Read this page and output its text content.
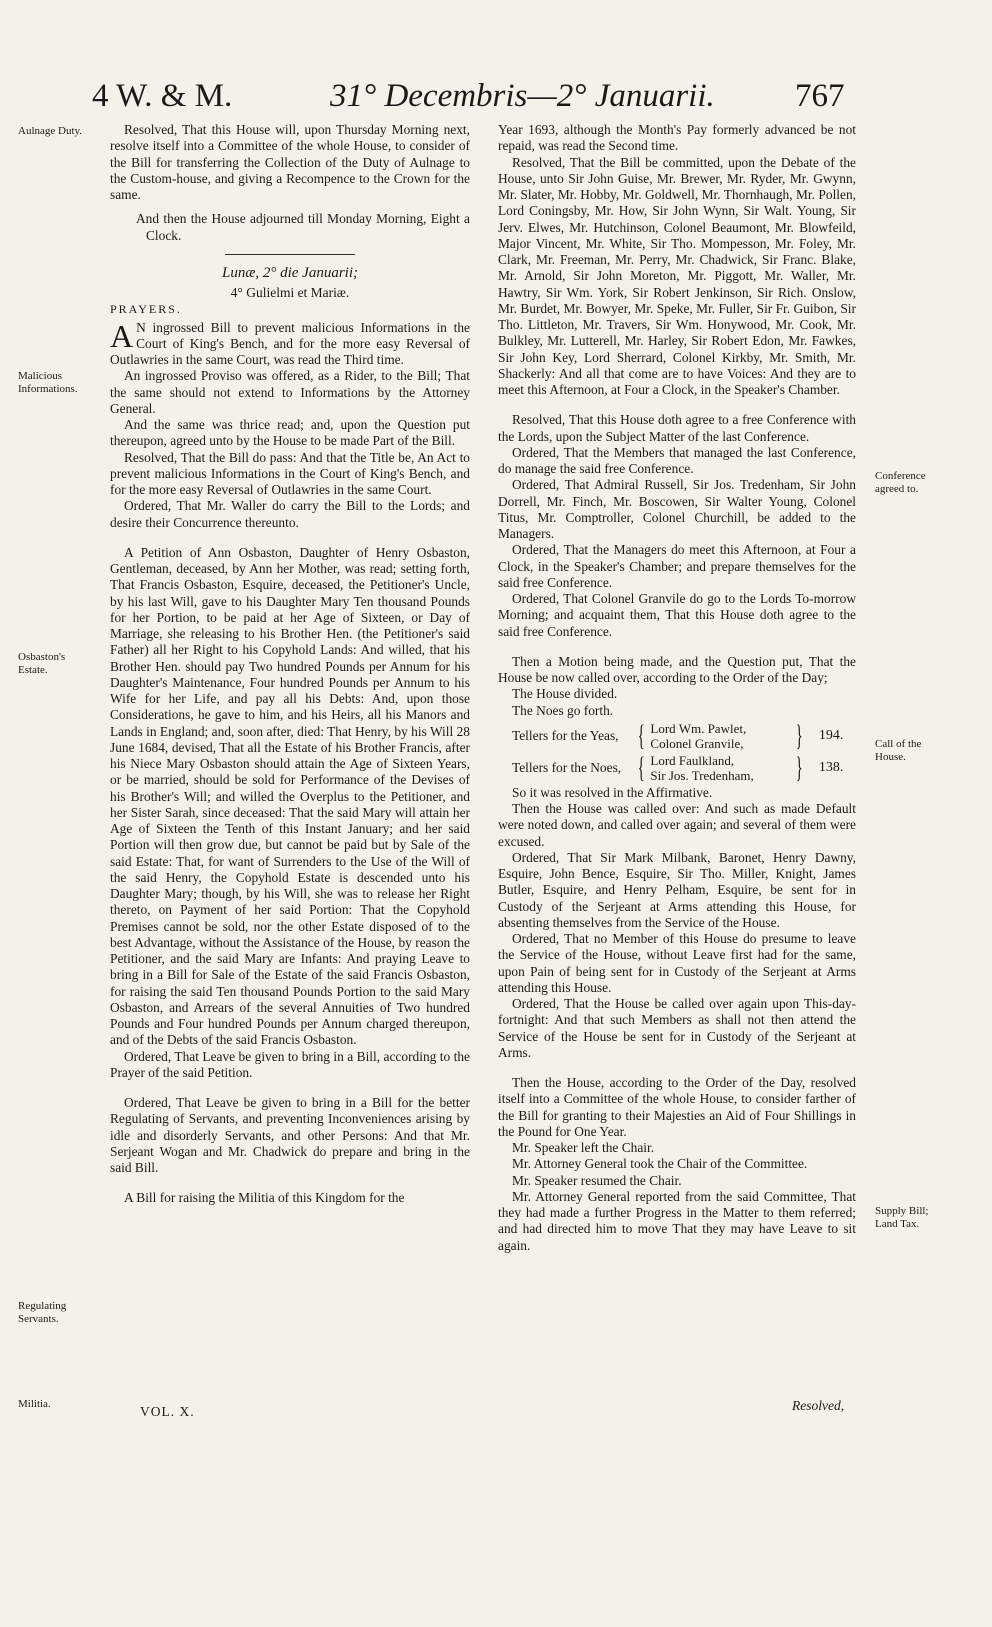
4 W. & M.	31° Decembris—2° Januarii. 767
Aulnage Duty.
Malicious Informations.
Osbaston's Estate.
Regulating Servants.
Militia.
Conference agreed to.
Call of the House.
Supply Bill; Land Tax.

Resolved, That this House will, upon Thursday Morning next, resolve itself into a Committee of the whole House, to consider of the Bill for transferring the Collection of the Duty of Aulnage to the Custom-house, and giving a Recompence to the Crown for the same.

And then the House adjourned till Monday Morning, Eight a Clock.

Lunæ, 2° die Januarii;
4° Gulielmi et Mariæ.

PRAYERS.

A N ingrossed Bill to prevent malicious Informations in the Court of King's Bench, and for the more easy Reversal of Outlawries in the same Court, was read the Third time.

An ingrossed Proviso was offered, as a Rider, to the Bill; That the same should not extend to Informations by the Attorney General.

And the same was thrice read; and, upon the Question put thereupon, agreed unto by the House to be made Part of the Bill.

Resolved, That the Bill do pass: And that the Title be, An Act to prevent malicious Informations in the Court of King's Bench, and for the more easy Reversal of Outlawries in the same Court.

Ordered, That Mr. Waller do carry the Bill to the Lords; and desire their Concurrence thereunto.

A Petition of Ann Osbaston, Daughter of Henry Osbaston, Gentleman, deceased, by Ann her Mother, was read; setting forth, That Francis Osbaston, Esquire, deceased, the Petitioner's Uncle, by his last Will, gave to his Daughter Mary Ten thousand Pounds for her Portion, to be paid at her Age of Sixteen, or Day of Marriage, she releasing to his Brother Hen. (the Petitioner's said Father) all her Right to his Copyhold Lands: And willed, that his Brother Hen. should pay Two hundred Pounds per Annum for his Daughter's Maintenance, Four hundred Pounds per Annum to his Wife for her Life, and pay all his Debts: And, upon those Considerations, he gave to him, and his Heirs, all his Manors and Lands in England; and, soon after, died: That Henry, by his Will 28 June 1684, devised, That all the Estate of his Brother Francis, after his Niece Mary Osbaston should attain the Age of Sixteen Years, or be married, should be sold for Performance of the Devises of his Brother's Will; and willed the Overplus to the Petitioner, and her Sister Sarah, since deceased: That the said Mary will attain her Age of Sixteen the Tenth of this Instant January; and her said Portion will then grow due, but cannot be paid but by Sale of the said Estate: That, for want of Surrenders to the Use of the Will of the said Henry, the Copyhold Estate is descended unto his Daughter Mary; though, by his Will, she was to release her Right thereto, on Payment of her said Portion: That the Copyhold Premises cannot be sold, nor the other Estate disposed of to the best Advantage, without the Assistance of the House, by reason the Petitioner, and the said Mary are Infants: And praying Leave to bring in a Bill for Sale of the Estate of the said Francis Osbaston, for raising the said Ten thousand Pounds Portion to the said Mary Osbaston, and Arrears of the several Annuities of Two hundred Pounds and Four hundred Pounds per Annum charged thereupon, and of the Debts of the said Francis Osbaston.

Ordered, That Leave be given to bring in a Bill, according to the Prayer of the said Petition.

Ordered, That Leave be given to bring in a Bill for the better Regulating of Servants, and preventing Inconveniences arising by idle and disorderly Servants, and other Persons: And that Mr. Serjeant Wogan and Mr. Chadwick do prepare and bring in the said Bill.

A Bill for raising the Militia of this Kingdom for the

Year 1693, although the Month's Pay formerly advanced be not repaid, was read the Second time.

Resolved, That the Bill be committed, upon the Debate of the House, unto Sir John Guise, Mr. Brewer, Mr. Ryder, Mr. Gwynn, Mr. Slater, Mr. Hobby, Mr. Goldwell, Mr. Thornhaugh, Mr. Pollen, Lord Coningsby, Mr. How, Sir John Wynn, Sir Walt. Young, Sir Jerv. Elwes, Mr. Hutchinson, Colonel Beaumont, Mr. Blowfeild, Major Vincent, Mr. White, Sir Tho. Mompesson, Mr. Foley, Mr. Clark, Mr. Freeman, Mr. Perry, Mr. Chadwick, Sir Franc. Blake, Mr. Arnold, Sir John Moreton, Mr. Piggott, Mr. Waller, Mr. Hawtry, Sir Wm. York, Sir Robert Jenkinson, Sir Rich. Onslow, Mr. Burdet, Mr. Bowyer, Mr. Speke, Mr. Fuller, Sir Fr. Guibon, Sir Tho. Littleton, Mr. Travers, Sir Wm. Honywood, Mr. Cook, Mr. Bulkley, Mr. Lutterell, Mr. Harley, Sir Robert Edon, Mr. Fawkes, Sir John Key, Lord Sherrard, Colonel Kirkby, Mr. Smith, Mr. Shackerly: And all that come are to have Voices: And they are to meet this Afternoon, at Four a Clock, in the Speaker's Chamber.

Resolved, That this House doth agree to a free Conference with the Lords, upon the Subject Matter of the last Conference.

Ordered, That the Members that managed the last Conference, do manage the said free Conference.

Ordered, That Admiral Russell, Sir Jos. Tredenham, Sir John Dorrell, Mr. Finch, Mr. Boscowen, Sir Walter Young, Colonel Titus, Mr. Comptroller, Colonel Churchill, be added to the Managers.

Ordered, That the Managers do meet this Afternoon, at Four a Clock, in the Speaker's Chamber; and prepare themselves for the said free Conference.

Ordered, That Colonel Granvile do go to the Lords To-morrow Morning; and acquaint them, That this House doth agree to the said free Conference.

Then a Motion being made, and the Question put, That the House be now called over, according to the Order of the Day;

The House divided.

The Noes go forth.

Tellers for the Yeas, { Lord Wm. Pawlet,
Colonel Granvile,	} 194.
Tellers for the Noes, { Lord Faulkland,
Sir Jos. Tredenham,	} 138.

So it was resolved in the Affirmative.

Then the House was called over: And such as made Default were noted down, and called over again; and several of them were excused.

Ordered, That Sir Mark Milbank, Baronet, Henry Dawny, Esquire, John Bence, Esquire, Sir Tho. Miller, Knight, James Butler, Esquire, and Henry Pelham, Esquire, be sent for in Custody of the Serjeant at Arms attending this House, for absenting themselves from the Service of the House.

Ordered, That no Member of this House do presume to leave the Service of the House, without Leave first had for the same, upon Pain of being sent for in Custody of the Serjeant at Arms attending this House.

Ordered, That the House be called over again upon This-day-fortnight: And that such Members as shall not then attend the Service of the House be sent for in Custody of the Serjeant at Arms.

Then the House, according to the Order of the Day, resolved itself into a Committee of the whole House, to consider farther of the Bill for granting to their Majesties an Aid of Four Shillings in the Pound for One Year.

Mr. Speaker left the Chair.

Mr. Attorney General took the Chair of the Committee.

Mr. Speaker resumed the Chair.

Mr. Attorney General reported from the said Committee, That they had made a further Progress in the Matter to them referred; and had directed him to move That they may have Leave to sit again.

VOL. X.	Resolved,
